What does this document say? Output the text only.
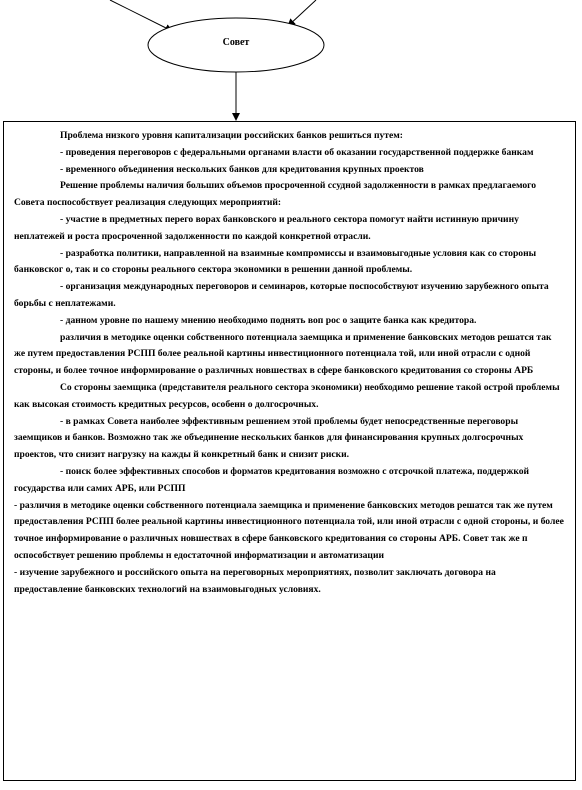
Совет

Проблема низкого уровня капитализации российских банков решиться путем:

- проведения переговоров с федеральными органами власти об оказании государственной поддержке банкам

- временного объединения нескольких банков для кредитования крупных проектов

Решение проблемы наличия больших объемов просроченной ссудной задолженности в рамках предлагаемого Совета поспособствует реализация следующих мероприятий:

- участие в предметных перего ворах банковского и реального сектора помогут найти истинную причину неплатежей и роста просроченной задолженности по каждой конкретной отрасли.

- разработка политики, направленной на взаимные компромиссы и взаимовыгодные условия как со стороны банковског о, так и со стороны реального сектора экономики в решении данной проблемы.

- организация международных переговоров и семинаров, которые поспособствуют изучению зарубежного опыта борьбы с неплатежами.

- данном уровне по нашему мнению необходимо поднять воп рос о защите банка как кредитора.

различия в методике оценки собственного потенциала заемщика и применение банковских методов решатся так же путем предоставления РСПП более реальной картины инвестиционного потенциала той, или иной отрасли с одной стороны, и более точное информирование о различных новшествах в сфере банковского кредитования со стороны АРБ

Со стороны заемщика (представителя реального сектора экономики) необходимо решение такой острой проблемы как высокая стоимость кредитных ресурсов, особенн о долгосрочных.

- в рамках Совета наиболее эффективным решением этой проблемы будет непосредственные переговоры заемщиков и банков. Возможно так же объединение нескольких банков для финансирования крупных долгосрочных проектов, что снизит нагрузку на кажды й конкретный банк и снизит риски.

- поиск более эффективных способов и форматов кредитования возможно с отсрочкой платежа, поддержкой государства или самих АРБ, или РСПП

- различия в методике оценки собственного потенциала заемщика и применение банковских методов решатся так же путем предоставления РСПП более реальной картины инвестиционного потенциала той, или иной отрасли с одной стороны, и более точное информирование о различных новшествах в сфере банковского кредитования со стороны АРБ. Совет так же п оспособствует решению проблемы н едостаточной информатизации и автоматизации

- изучение зарубежного и российского опыта на переговорных мероприятиях, позволит заключать договора на предоставление банковских технологий на взаимовыгодных условиях.
